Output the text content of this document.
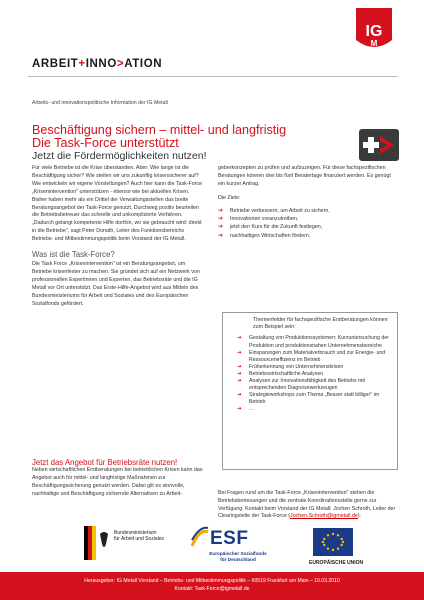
IG
M
ARBEIT+INNO>ATION
Arbeits- und innovationspolitische Information der IG Metall
Beschäftigung sichern – mittel- und langfristig
Die Task-Force unterstützt
Jetzt die Fördermöglichkeiten nutzen!

Für viele Betriebe ist die Krise überstanden. Aber: Wie lange ist die Beschäftigung sicher? Wie stellen wir uns zukunftig krisensicherer auf? Wie entwickeln wir eigene Vorstellungen? Auch hier kann die Task-Force „Krisenintervention" unterstützen - ebenso wie bei aktuellen Krisen. Bisher haben mehr als ein Drittel der Verwaltungsstellen das breite Beratungsangebot der Task-Force genutzt. Durchweg positiv beurteilen die Betriebsbetreuer das schnelle und unkomplizierte Verfahren. „Dadurch gelangt kompetente Hilfe dorthin, wo sie gebraucht wird: direkt in die Betriebe", sagt Peter Donath, Leiter des Funktionsbereichs Betriebs- und Mitbestimmungspolitik beim Vorstand der IG Metall.

Was ist die Task-Force?

Die Task Force „Krisenintervention" ist ein Beratungsangebot, um Betriebe krisenfester zu machen. Sie gründet sich auf ein Netzwerk von professionellen Expertinnen und Experten, das Betriebsräte und die IG Metall vor Ort unterstützt. Das Erste-Hilfe-Angebot wird aus Mitteln des Bundesministeriums für Arbeit und Soziales und des Europäischen Sozialfonds gefördert.

geberkonzepten zu prüfen und aufzuzeigen. Für diese fachspezifischen Beratungen können drei bis fünf Beratertage finanziert werden. Es genügt ein kurzer Antrag.

Die Ziele:
➔ Betriebe verbessern, um Arbeit zu sichern,
➔ Innovationen voranzutreiben,
➔ jetzt den Kurs für die Zukunft festlegen,
➔ nachhaltiges Wirtschaften fördern.
Themenfelder für fachspezifische Erstberatungen können zum Beispiel sein:
➔ Gestaltung von Produktionssystemen: Kurzuntersuchung der Produktion und produktionsnahen Unternehmensbereiche
➔ Einsparungen zum Materialverbrauch und zur Energie- und Ressourceneffizienz im Betrieb
➔ Früherkennung von Unternehmenskrisen
➔ Betriebswirtschaftliche Analysen
➔ Analysen zur Innovationsfähigkeit des Betriebs mit entsprechenden Diagnosewerkzeugen
➔ Strategieworkshops zum Thema „Besser statt billiger" im Betrieb
➔ ...
Jetzt das Angebot für Betriebsräte nutzen!

Neben wirtschaftlichen Erstberatungen bei betrieblichen Krisen kann das Angebot auch für mittel- und langfristige Maßnahmen zur Beschäftigungssicherung genutzt werden. Dabei gilt es sinnvolle, nachhaltige und Beschäftigung sichernde Alternativen zu Arbeit-	Bei Fragen rund um die Task-Force „Krisenintervention" stehen die Betriebsbetreuungen und die zentrale Koordinationsstelle gerne zur Verfügung. Kontakt beim Vorstand der IG Metall: Jochen Schroth, Leiter der Clearingstelle der Task-Force (Jochen.Schroth@igmetall.de).
Bundesministerium
für Arbeit und Soziales ESF
Europäischer Sozialfonds
für Deutschland
EUROPÄISCHE UNION
Herausgeber: IG Metall Vorstand – Betriebs- und Mitbestimmungspolitik – 60519 Frankfurt am Main – 10.03.2010
Kontakt: Task-Force@igmetall.de
